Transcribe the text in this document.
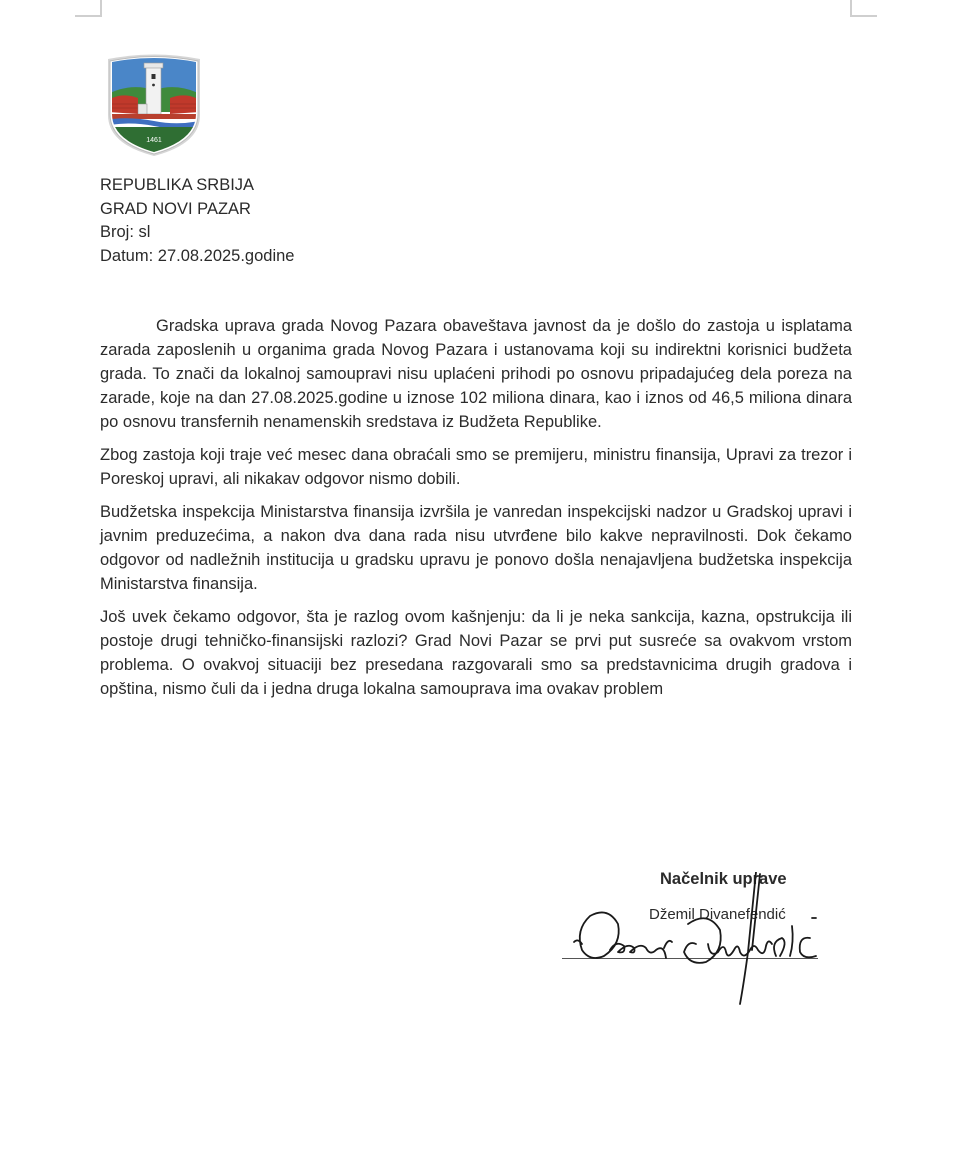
1461
REPUBLIKA SRBIJA
GRAD NOVI PAZAR
Broj: sl
Datum: 27.08.2025.godine

Gradska uprava grada Novog Pazara obaveštava javnost da je došlo do zastoja u isplatama zarada zaposlenih u organima grada Novog Pazara i ustanovama koji su indirektni korisnici budžeta grada. To znači da lokalnoj samoupravi nisu uplaćeni prihodi po osnovu pripadajućeg dela poreza na zarade, koje na dan 27.08.2025.godine u iznose 102 miliona dinara, kao i iznos od 46,5 miliona dinara po osnovu transfernih nenamenskih sredstava iz Budžeta Republike.

Zbog zastoja koji traje već mesec dana obraćali smo se premijeru, ministru finansija, Upravi za trezor i Poreskoj upravi, ali nikakav odgovor nismo dobili.

Budžetska inspekcija Ministarstva finansija izvršila je vanredan inspekcijski nadzor u Gradskoj upravi i javnim preduzećima, a nakon dva dana rada nisu utvrđene bilo kakve nepravilnosti. Dok čekamo odgovor od nadležnih institucija u gradsku upravu je ponovo došla nenajavljena budžetska inspekcija Ministarstva finansija.

Još uvek čekamo odgovor, šta je razlog ovom kašnjenju: da li je neka sankcija, kazna, opstrukcija ili postoje drugi tehničko-finansijski razlozi? Grad Novi Pazar se prvi put susreće sa ovakvom vrstom problema. O ovakvoj situaciji bez presedana razgovarali smo sa predstavnicima drugih gradova i opština, nismo čuli da i jedna druga lokalna samouprava ima ovakav problem

Načelnik uprave
Džemil Divanefendić
